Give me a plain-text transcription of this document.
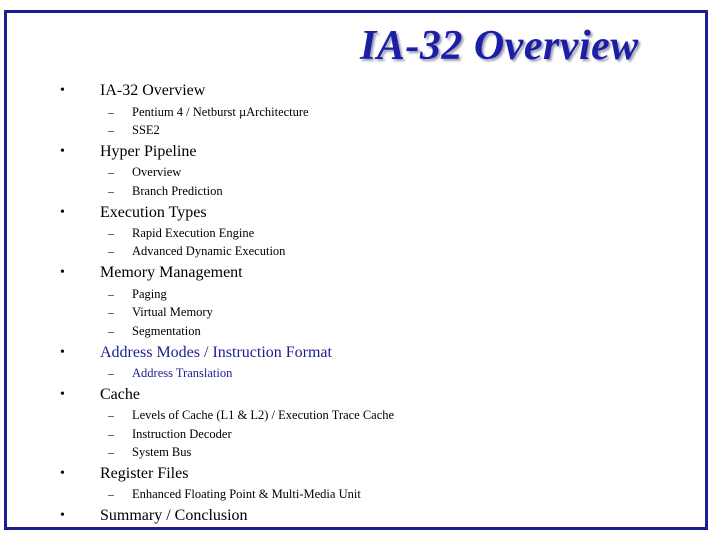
IA-32 Overview
• IA-32 Overview
– Pentium 4 / Netburst µArchitecture
– SSE2
• Hyper Pipeline
– Overview
– Branch Prediction
• Execution Types
– Rapid Execution Engine
– Advanced Dynamic Execution
• Memory Management
– Paging
– Virtual Memory
– Segmentation
• Address Modes / Instruction Format
– Address Translation
• Cache
– Levels of Cache (L1 & L2) / Execution Trace Cache
– Instruction Decoder
– System Bus
• Register Files
– Enhanced Floating Point & Multi-Media Unit
• Summary / Conclusion
